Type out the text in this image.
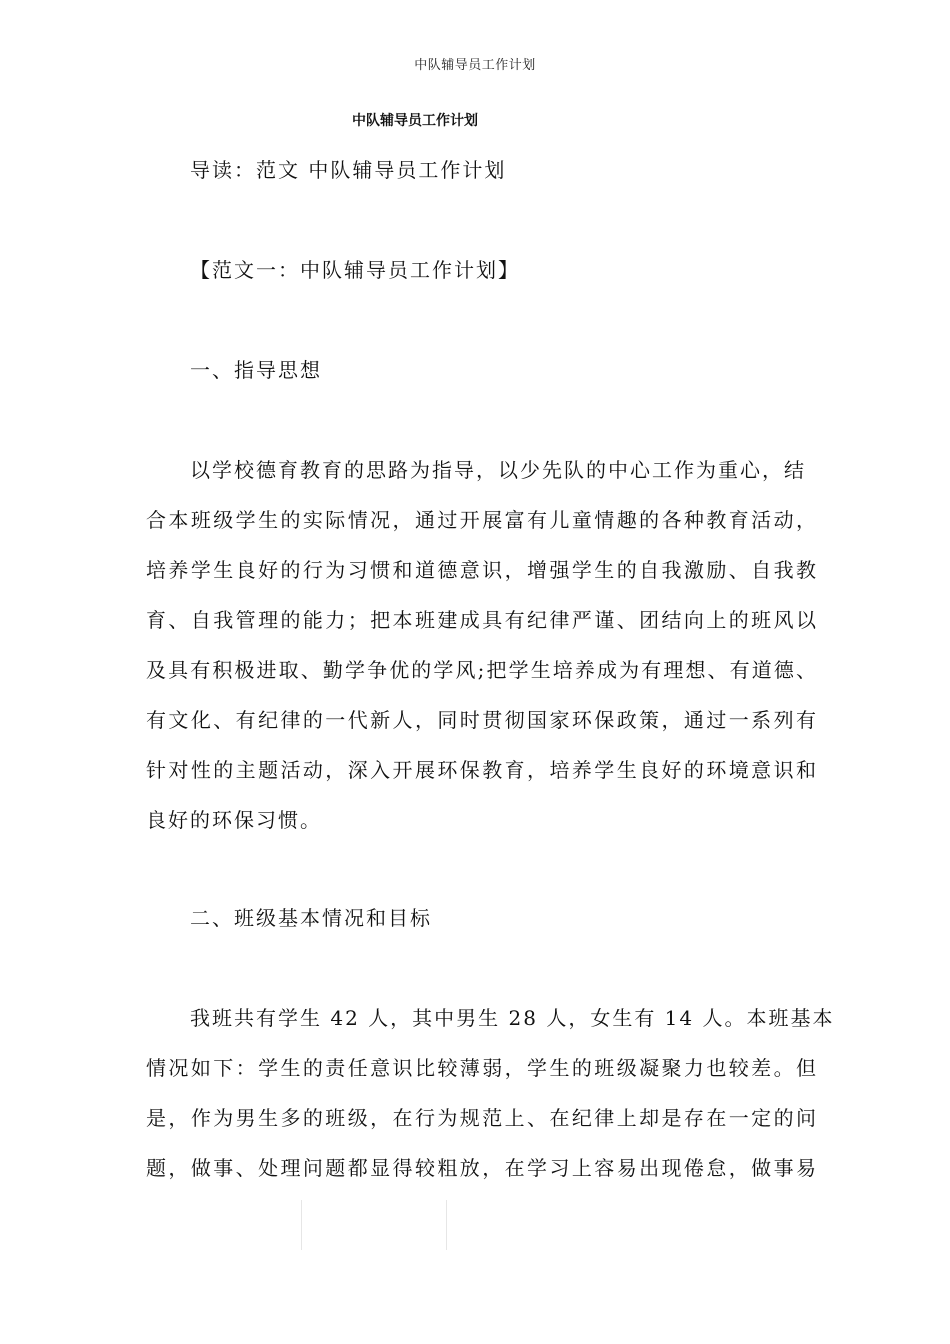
中队辅导员工作计划
中队辅导员工作计划
导读：范文 中队辅导员工作计划
【范文一：中队辅导员工作计划】
一、指导思想
以学校德育教育的思路为指导，以少先队的中心工作为重心，结
合本班级学生的实际情况，通过开展富有儿童情趣的各种教育活动，
培养学生良好的行为习惯和道德意识，增强学生的自我激励、自我教
育、自我管理的能力；把本班建成具有纪律严谨、团结向上的班风以
及具有积极进取、勤学争优的学风;把学生培养成为有理想、有道德、
有文化、有纪律的一代新人，同时贯彻国家环保政策，通过一系列有
针对性的主题活动，深入开展环保教育，培养学生良好的环境意识和
良好的环保习惯。
二、班级基本情况和目标
我班共有学生 42 人，其中男生 28 人，女生有 14 人。本班基本
情况如下：学生的责任意识比较薄弱，学生的班级凝聚力也较差。但
是，作为男生多的班级，在行为规范上、在纪律上却是存在一定的问
题，做事、处理问题都显得较粗放，在学习上容易出现倦怠，做事易
